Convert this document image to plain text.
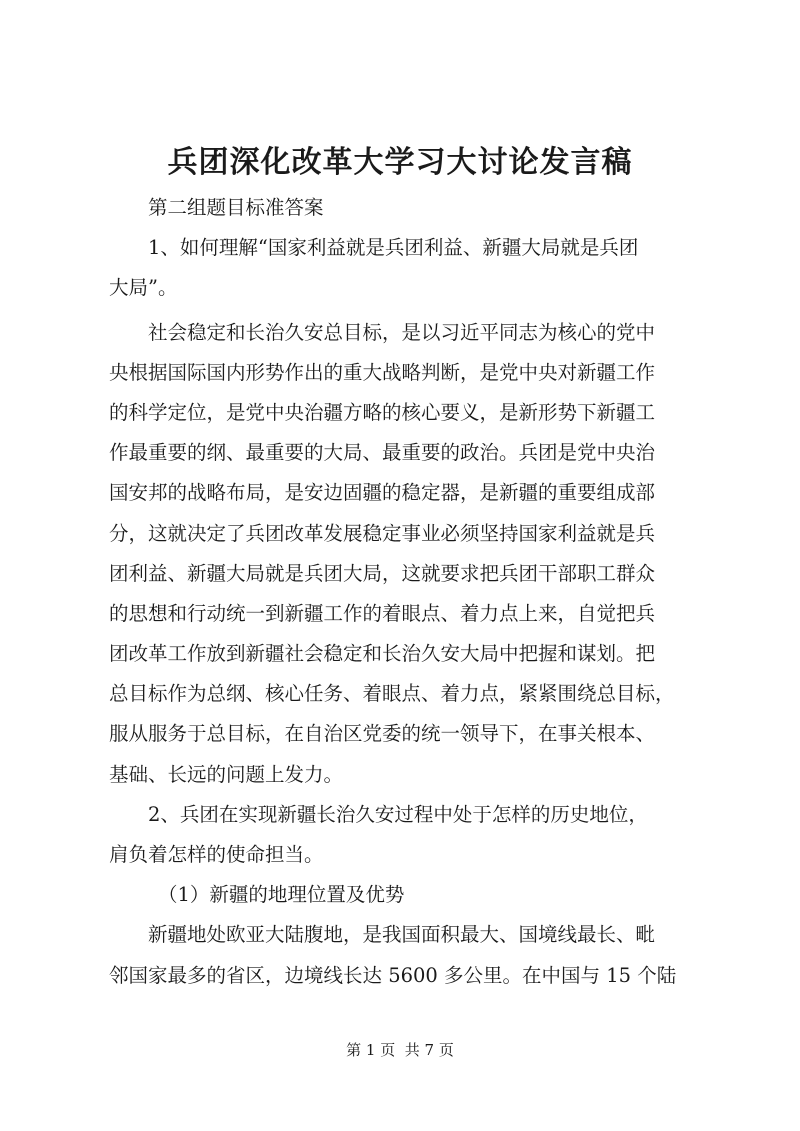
兵团深化改革大学习大讨论发言稿
第二组题目标准答案
1、如何理解“国家利益就是兵团利益、新疆大局就是兵团
大局”。
社会稳定和长治久安总目标，是以习近平同志为核心的党中
央根据国际国内形势作出的重大战略判断，是党中央对新疆工作
的科学定位，是党中央治疆方略的核心要义，是新形势下新疆工
作最重要的纲、最重要的大局、最重要的政治。兵团是党中央治
国安邦的战略布局，是安边固疆的稳定器，是新疆的重要组成部
分，这就决定了兵团改革发展稳定事业必须坚持国家利益就是兵
团利益、新疆大局就是兵团大局，这就要求把兵团干部职工群众
的思想和行动统一到新疆工作的着眼点、着力点上来，自觉把兵
团改革工作放到新疆社会稳定和长治久安大局中把握和谋划。把
总目标作为总纲、核心任务、着眼点、着力点，紧紧围绕总目标，
服从服务于总目标，在自治区党委的统一领导下，在事关根本、
基础、长远的问题上发力。
2、兵团在实现新疆长治久安过程中处于怎样的历史地位，
肩负着怎样的使命担当。
（1）新疆的地理位置及优势
新疆地处欧亚大陆腹地，是我国面积最大、国境线最长、毗
邻国家最多的省区，边境线长达 5600 多公里。在中国与 15 个陆
第 1 页  共 7 页
